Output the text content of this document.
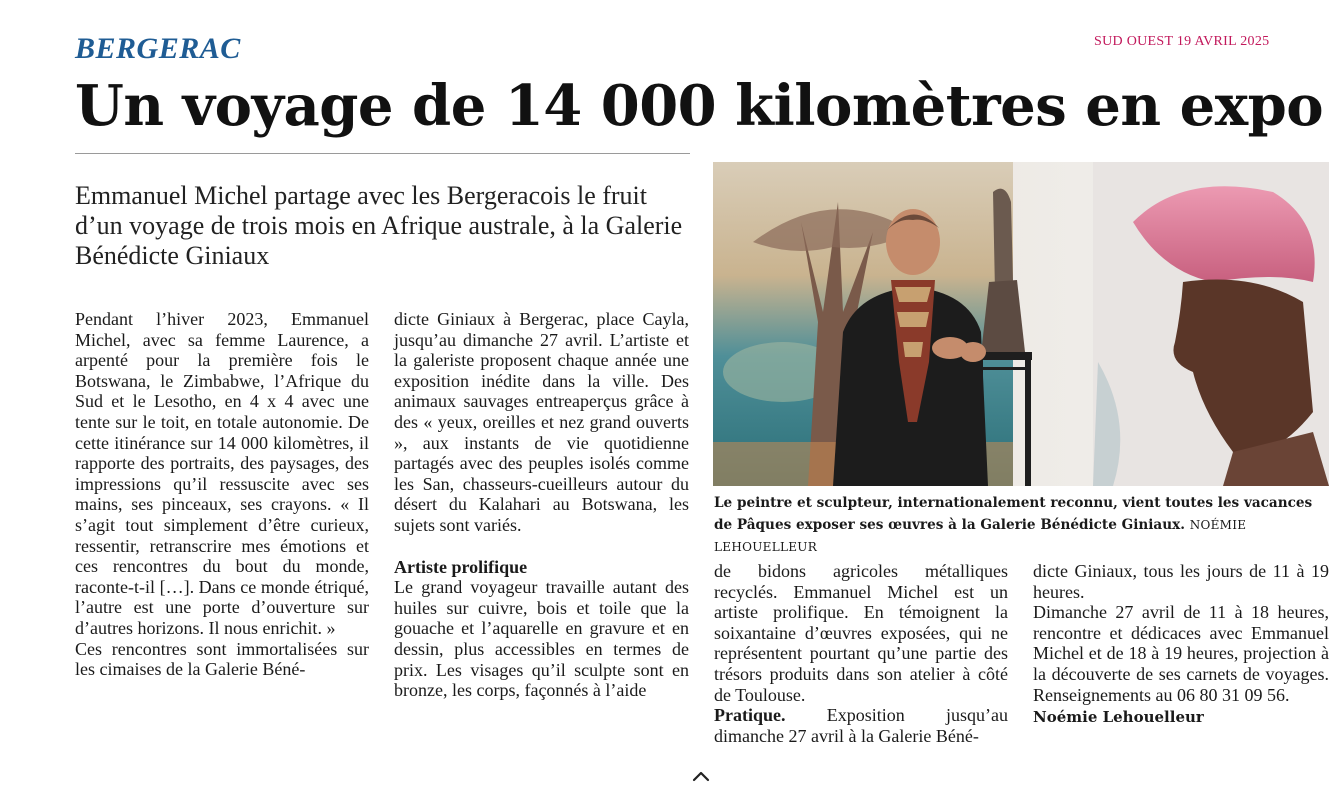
BERGERAC	SUD OUEST 19 AVRIL 2025
Un voyage de 14 000 kilomètres en expo
Emmanuel Michel partage avec les Bergeracois le fruit d’un voyage de trois mois en Afrique australe, à la Galerie Bénédicte Giniaux

Pendant l’hiver 2023, Emmanuel Michel, avec sa femme Laurence, a arpenté pour la première fois le Botswana, le Zimbabwe, l’Afrique du Sud et le Lesotho, en 4 x 4 avec une tente sur le toit, en totale autonomie. De cette itinérance sur 14 000 kilomètres, il rapporte des portraits, des paysages, des impressions qu’il ressuscite avec ses mains, ses pinceaux, ses crayons. « Il s’agit tout simplement d’être curieux, ressentir, retranscrire mes émotions et ces rencontres du bout du monde, raconte-t-il […]. Dans ce monde étriqué, l’autre est une porte d’ouverture sur d’autres horizons. Il nous enrichit. »

Ces rencontres sont immortalisées sur les cimaises de la Galerie Béné-

dicte Giniaux à Bergerac, place Cayla, jusqu’au dimanche 27 avril. L’artiste et la galeriste proposent chaque année une exposition inédite dans la ville. Des animaux sauvages entreaperçus grâce à des « yeux, oreilles et nez grand ouverts », aux instants de vie quotidienne partagés avec des peuples isolés comme les San, chasseurs-cueilleurs autour du désert du Kalahari au Botswana, les sujets sont variés.

Artiste prolifique

Le grand voyageur travaille autant des huiles sur cuivre, bois et toile que la gouache et l’aquarelle en gravure et en dessin, plus accessibles en termes de prix. Les visages qu’il sculpte sont en bronze, les corps, façonnés à l’aide

Le peintre et sculpteur, internationalement reconnu, vient toutes les vacances de Pâques exposer ses œuvres à la Galerie Bénédicte Giniaux. NOÉMIE LEHOUELLEUR

de bidons agricoles métalliques recyclés. Emmanuel Michel est un artiste prolifique. En témoignent la soixantaine d’œuvres exposées, qui ne représentent pourtant qu’une partie des trésors produits dans son atelier à côté de Toulouse.

Pratique. Exposition jusqu’au dimanche 27 avril à la Galerie Béné-

dicte Giniaux, tous les jours de 11 à 19 heures.

Dimanche 27 avril de 11 à 18 heures, rencontre et dédicaces avec Emmanuel Michel et de 18 à 19 heures, projection à la découverte de ses carnets de voyages. Renseignements au 06 80 31 09 56.

Noémie Lehouelleur
